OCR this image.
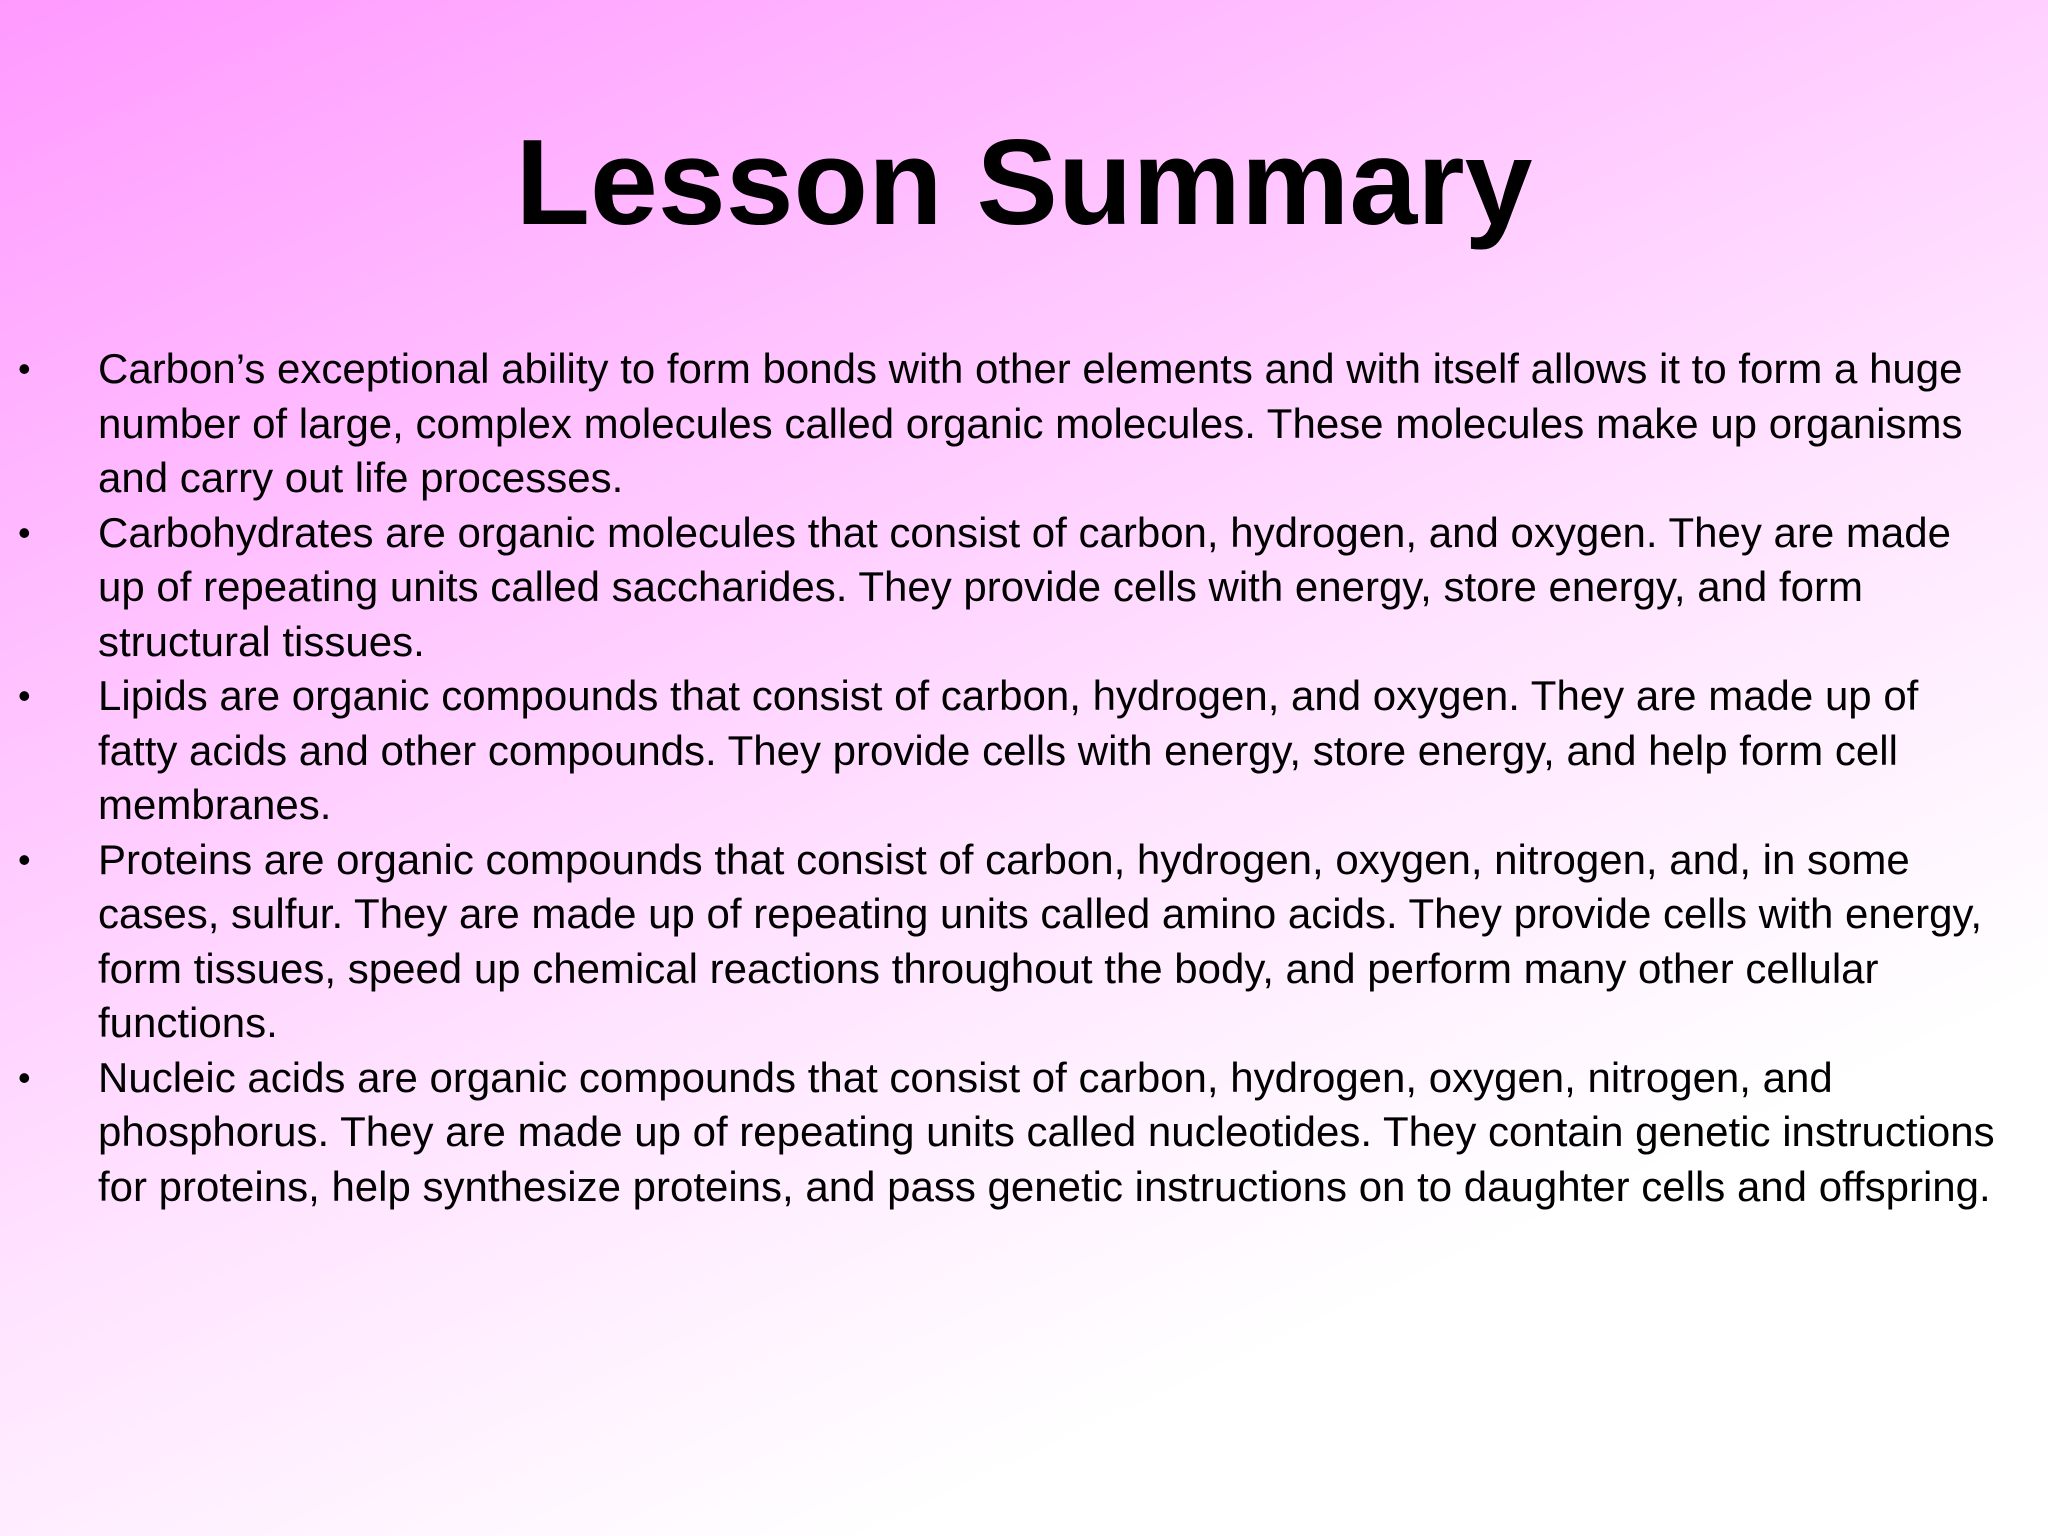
Lesson Summary
•	Carbon’s exceptional ability to form bonds with other elements and with itself allows it to form a huge number of large, complex molecules called organic molecules. These molecules make up organisms and carry out life processes.
•	Carbohydrates are organic molecules that consist of carbon, hydrogen, and oxygen. They are made up of repeating units called saccharides. They provide cells with energy, store energy, and form structural tissues.
•	Lipids are organic compounds that consist of carbon, hydrogen, and oxygen. They are made up of fatty acids and other compounds. They provide cells with energy, store energy, and help form cell membranes.
•	Proteins are organic compounds that consist of carbon, hydrogen, oxygen, nitrogen, and, in some cases, sulfur. They are made up of repeating units called amino acids. They provide cells with energy, form tissues, speed up chemical reactions throughout the body, and perform many other cellular functions.
•	Nucleic acids are organic compounds that consist of carbon, hydrogen, oxygen, nitrogen, and phosphorus. They are made up of repeating units called nucleotides. They contain genetic instructions for proteins, help synthesize proteins, and pass genetic instructions on to daughter cells and offspring.
